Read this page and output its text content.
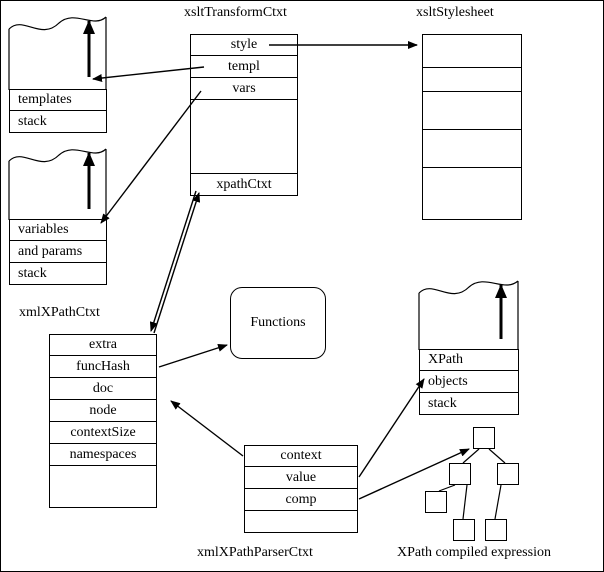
xsltTransformCtxt	xsltStylesheet
xmlXPathCtxt
xmlXPathParserCtxt	XPath compiled expression
templates
stack
variables
and params
stack
XPath
objects
stack
style
templ
vars
xpathCtxt
extra
funcHash
doc
node
contextSize
namespaces	context
value
comp
Functions
